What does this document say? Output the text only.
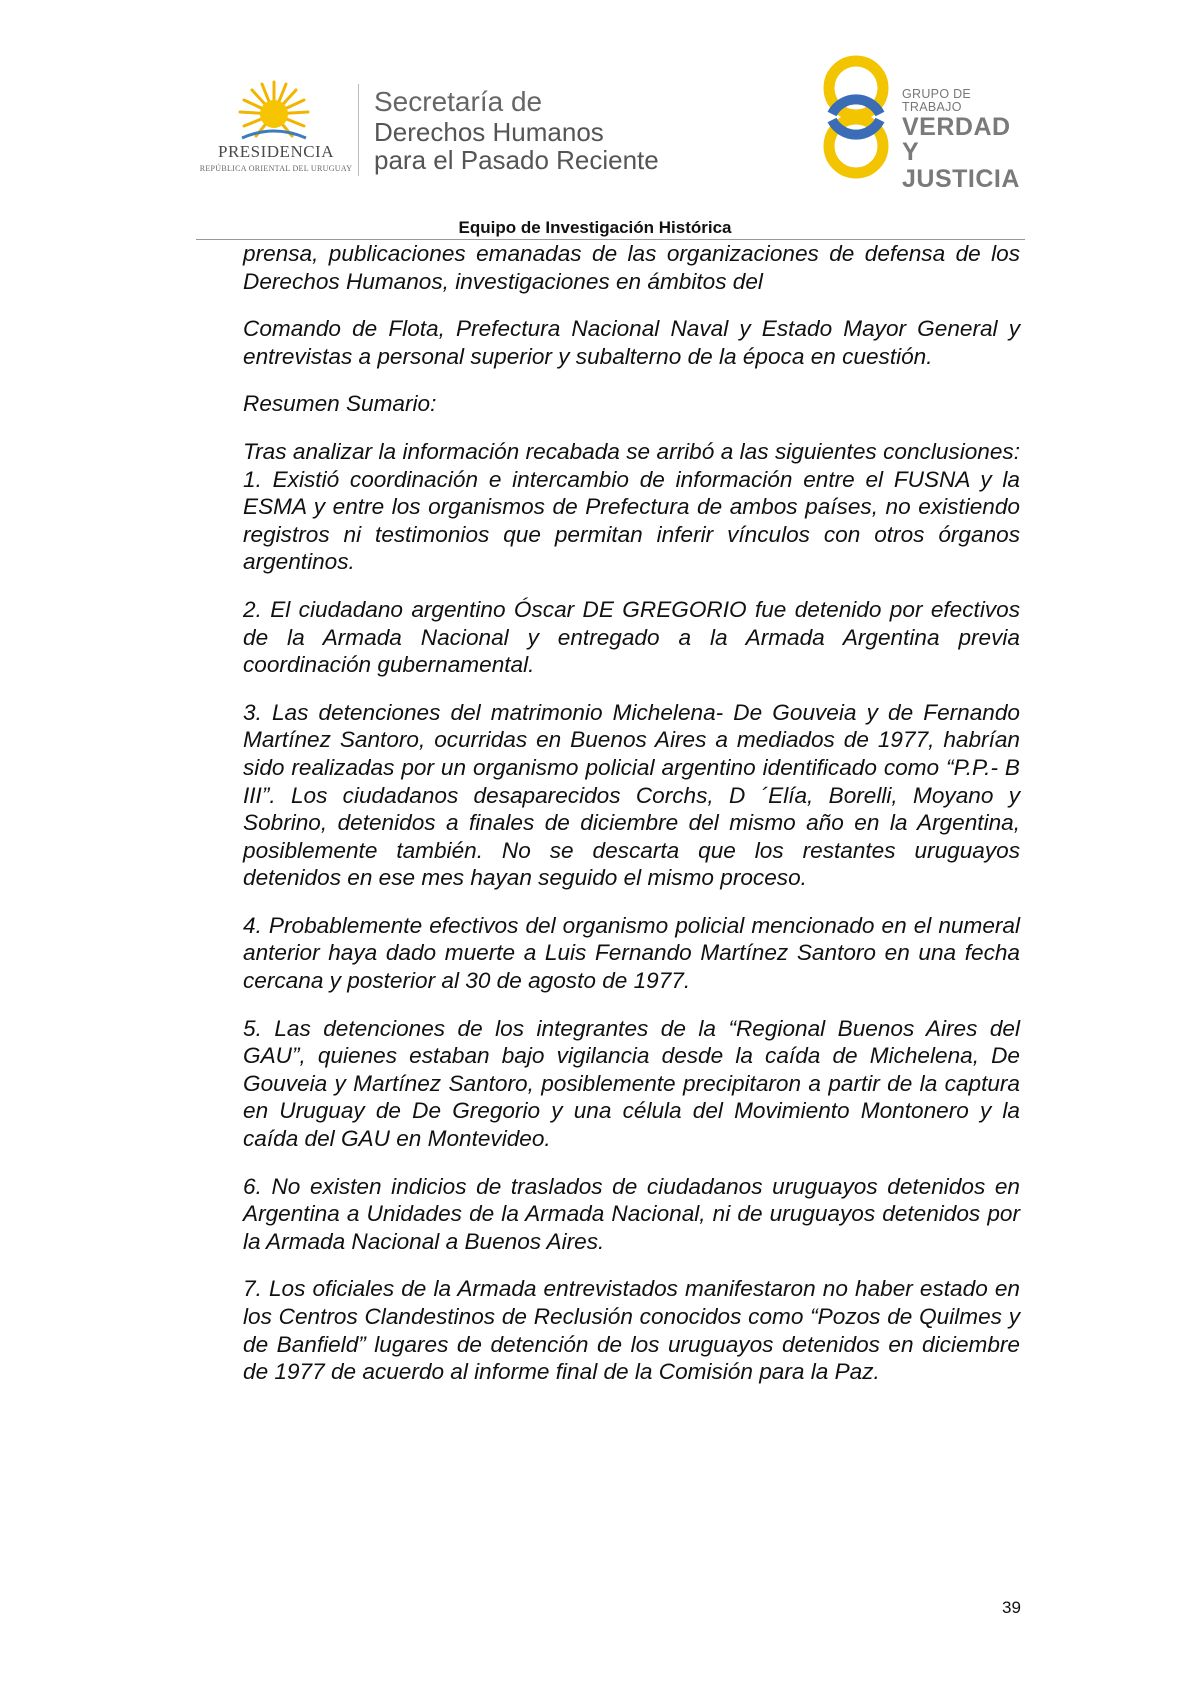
PRESIDENCIA
REPÚBLICA ORIENTAL DEL URUGUAY
Secretaría de
Derechos Humanos
para el Pasado Reciente
GRUPO DE TRABAJO
VERDAD Y
JUSTICIA
Equipo de Investigación Histórica

prensa, publicaciones emanadas de las organizaciones de defensa de los Derechos Humanos, investigaciones en ámbitos del

Comando de Flota, Prefectura Nacional Naval y Estado Mayor General y entrevistas a personal superior y subalterno de la época en cuestión.

Resumen Sumario:

Tras analizar la información recabada se arribó a las siguientes conclusiones: 1. Existió coordinación e intercambio de información entre el FUSNA y la ESMA y entre los organismos de Prefectura de ambos países, no existiendo registros ni testimonios que permitan inferir vínculos con otros órganos argentinos.

2. El ciudadano argentino Óscar DE GREGORIO fue detenido por efectivos de la Armada Nacional y entregado a la Armada Argentina previa coordinación gubernamental.

3. Las detenciones del matrimonio Michelena- De Gouveia y de Fernando Martínez Santoro, ocurridas en Buenos Aires a mediados de 1977, habrían sido realizadas por un organismo policial argentino identificado como “P.P.- B III”. Los ciudadanos desaparecidos Corchs, D ´Elía, Borelli, Moyano y Sobrino, detenidos a finales de diciembre del mismo año en la Argentina, posiblemente también. No se descarta que los restantes uruguayos detenidos en ese mes hayan seguido el mismo proceso.

4. Probablemente efectivos del organismo policial mencionado en el numeral anterior haya dado muerte a Luis Fernando Martínez Santoro en una fecha cercana y posterior al 30 de agosto de 1977.

5. Las detenciones de los integrantes de la “Regional Buenos Aires del GAU”, quienes estaban bajo vigilancia desde la caída de Michelena, De Gouveia y Martínez Santoro, posiblemente precipitaron a partir de la captura en Uruguay de De Gregorio y una célula del Movimiento Montonero y la caída del GAU en Montevideo.

6. No existen indicios de traslados de ciudadanos uruguayos detenidos en Argentina a Unidades de la Armada Nacional, ni de uruguayos detenidos por la Armada Nacional a Buenos Aires.

7. Los oficiales de la Armada entrevistados manifestaron no haber estado en los Centros Clandestinos de Reclusión conocidos como “Pozos de Quilmes y de Banfield” lugares de detención de los uruguayos detenidos en diciembre de 1977 de acuerdo al informe final de la Comisión para la Paz.

39
